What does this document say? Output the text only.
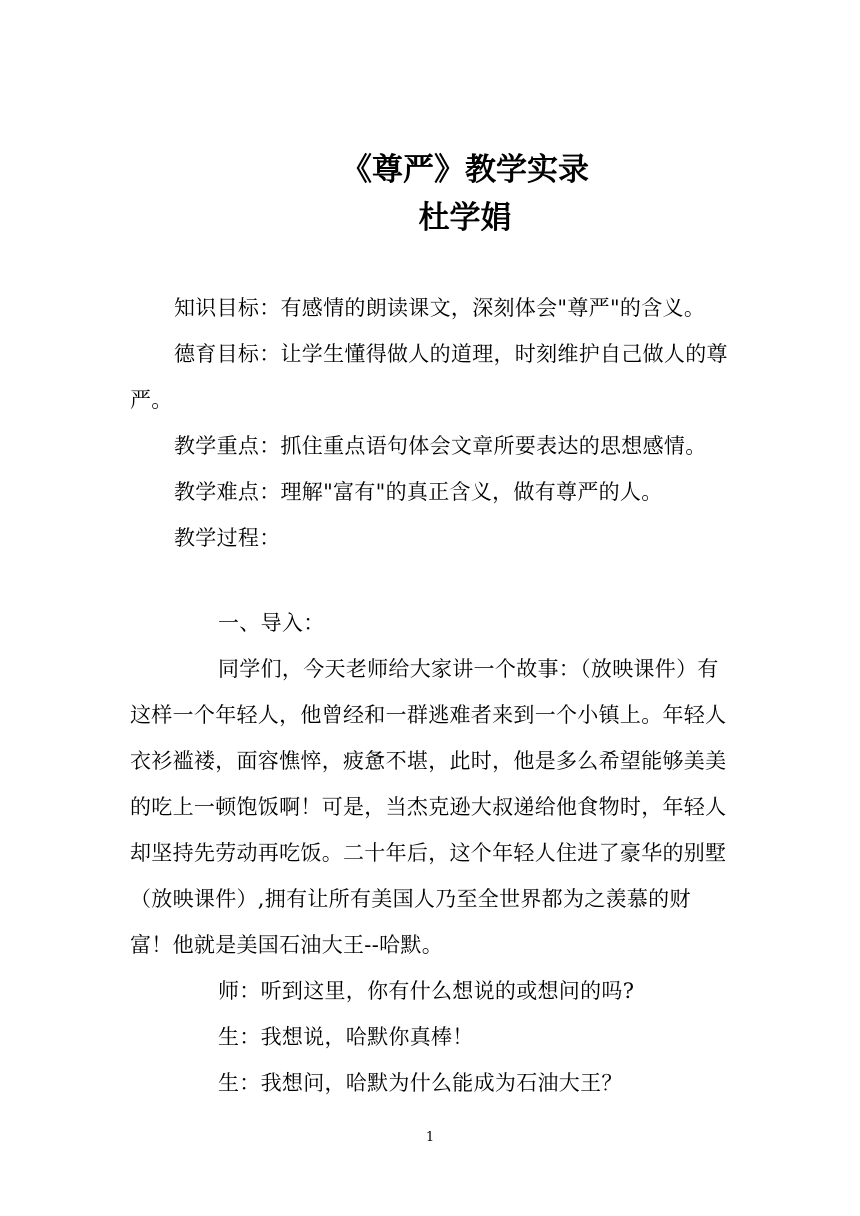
《尊严》教学实录
杜学娟

知识目标：有感情的朗读课文，深刻体会"尊严"的含义。

德育目标：让学生懂得做人的道理，时刻维护自己做人的尊严。

教学重点：抓住重点语句体会文章所要表达的思想感情。

教学难点：理解"富有"的真正含义，做有尊严的人。

教学过程：

一、导入：

同学们，今天老师给大家讲一个故事：（放映课件）有这样一个年轻人，他曾经和一群逃难者来到一个小镇上。年轻人衣衫褴褛，面容憔悴，疲惫不堪，此时，他是多么希望能够美美的吃上一顿饱饭啊！可是，当杰克逊大叔递给他食物时，年轻人却坚持先劳动再吃饭。二十年后，这个年轻人住进了豪华的别墅（放映课件）,拥有让所有美国人乃至全世界都为之羡慕的财富！他就是美国石油大王--哈默。

师：听到这里，你有什么想说的或想问的吗?

生：我想说，哈默你真棒！

生：我想问，哈默为什么能成为石油大王？

1
